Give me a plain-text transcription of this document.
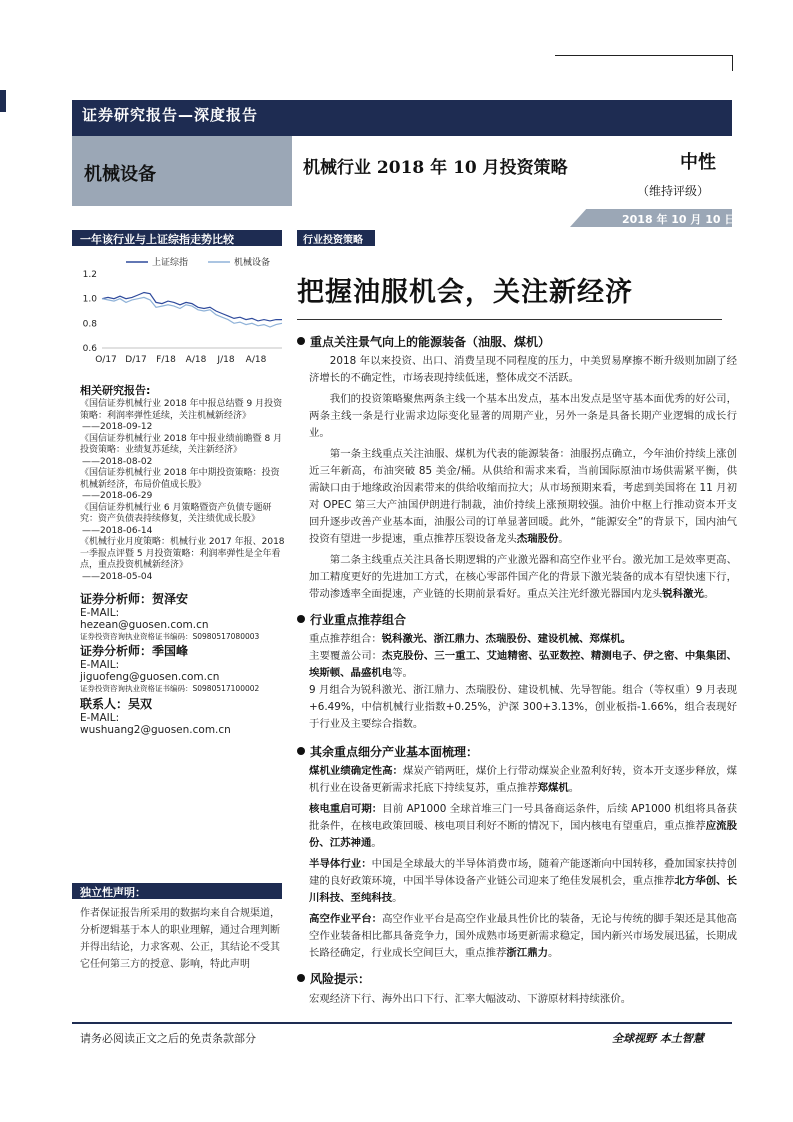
证券研究报告—深度报告
机械设备	机械行业 2018 年 10 月投资策略	中性
（维持评级）
2018 年 10 月 10 日
一年该行业与上证综指走势比较
上证综指	机械设备
1.2
1.0
0.8
0.6
O/17 D/17 F/18 A/18 J/18 A/18
相关研究报告:
《国信证券机械行业 2018 年中报总结暨 9 月投资策略：利润率弹性延续，关注机械新经济》
——2018-09-12
《国信证券机械行业 2018 年中报业绩前瞻暨 8 月投资策略：业绩复苏延续，关注新经济》
——2018-08-02
《国信证券机械行业 2018 年中期投资策略：投资机械新经济，布局价值成长股》
——2018-06-29
《国信证券机械行业 6 月策略暨资产负债专题研究：资产负债表持续修复，关注绩优成长股》
——2018-06-14
《机械行业月度策略：机械行业 2017 年报、2018 一季报点评暨 5 月投资策略：利润率弹性是全年看点，重点投资机械新经济》
——2018-05-04
证券分析师：贺泽安
E-MAIL:hezean@guosen.com.cn
证券投资咨询执业资格证书编码：S0980517080003
证券分析师：季国峰
E-MAIL:jiguofeng@guosen.com.cn
证券投资咨询执业资格证书编码：S0980517100002
联系人：吴双
E-MAIL:wushuang2@guosen.com.cn
独立性声明：
作者保证报告所采用的数据均来自合规渠道，分析逻辑基于本人的职业理解，通过合理判断并得出结论，力求客观、公正，其结论不受其它任何第三方的授意、影响，特此声明
行业投资策略
把握油服机会，关注新经济
重点关注景气向上的能源装备（油服、煤机）

2018 年以来投资、出口、消费呈现不同程度的压力，中美贸易摩擦不断升级则加剧了经济增长的不确定性，市场表现持续低迷，整体成交不活跃。

我们的投资策略聚焦两条主线一个基本出发点，基本出发点是坚守基本面优秀的好公司，两条主线一条是行业需求边际变化显著的周期产业，另外一条是具备长期产业逻辑的成长行业。

第一条主线重点关注油服、煤机为代表的能源装备：油服拐点确立，今年油价持续上涨创近三年新高，布油突破 85 美金/桶。从供给和需求来看，当前国际原油市场供需紧平衡，供需缺口由于地缘政治因素带来的供给收缩而拉大；从市场预期来看，考虑到美国将在 11 月初对 OPEC 第三大产油国伊朗进行制裁，油价持续上涨预期较强。油价中枢上行推动资本开支回升逐步改善产业基本面，油服公司的订单显著回暖。此外，“能源安全”的背景下，国内油气投资有望进一步提速，重点推荐压裂设备龙头杰瑞股份。

第二条主线重点关注具备长期逻辑的产业激光器和高空作业平台。激光加工是效率更高、加工精度更好的先进加工方式，在核心零部件国产化的背景下激光装备的成本有望快速下行，带动渗透率全面提速，产业链的长期前景看好。重点关注光纤激光器国内龙头锐科激光。

行业重点推荐组合

重点推荐组合：锐科激光、浙江鼎力、杰瑞股份、建设机械、郑煤机。

主要覆盖公司：杰克股份、三一重工、艾迪精密、弘亚数控、精测电子、伊之密、中集集团、埃斯顿、晶盛机电等。

9 月组合为锐科激光、浙江鼎力、杰瑞股份、建设机械、先导智能。组合（等权重）9 月表现+6.49%，中信机械行业指数+0.25%，沪深 300+3.13%，创业板指-1.66%，组合表现好于行业及主要综合指数。

其余重点细分产业基本面梳理：

煤机业绩确定性高：煤炭产销两旺，煤价上行带动煤炭企业盈利好转，资本开支逐步释放，煤机行业在设备更新需求托底下持续复苏，重点推荐郑煤机。

核电重启可期：目前 AP1000 全球首堆三门一号具备商运条件，后续 AP1000 机组将具备获批条件，在核电政策回暖、核电项目利好不断的情况下，国内核电有望重启，重点推荐应流股份、江苏神通。

半导体行业：中国是全球最大的半导体消费市场，随着产能逐渐向中国转移，叠加国家扶持创建的良好政策环境，中国半导体设备产业链公司迎来了绝佳发展机会，重点推荐北方华创、长川科技、至纯科技。

高空作业平台：高空作业平台是高空作业最具性价比的装备，无论与传统的脚手架还是其他高空作业装备相比都具备竞争力，国外成熟市场更新需求稳定，国内新兴市场发展迅猛，长期成长路径确定，行业成长空间巨大，重点推荐浙江鼎力。

风险提示：

宏观经济下行、海外出口下行、汇率大幅波动、下游原材料持续涨价。

请务必阅读正文之后的免责条款部分	全球视野 本土智慧
